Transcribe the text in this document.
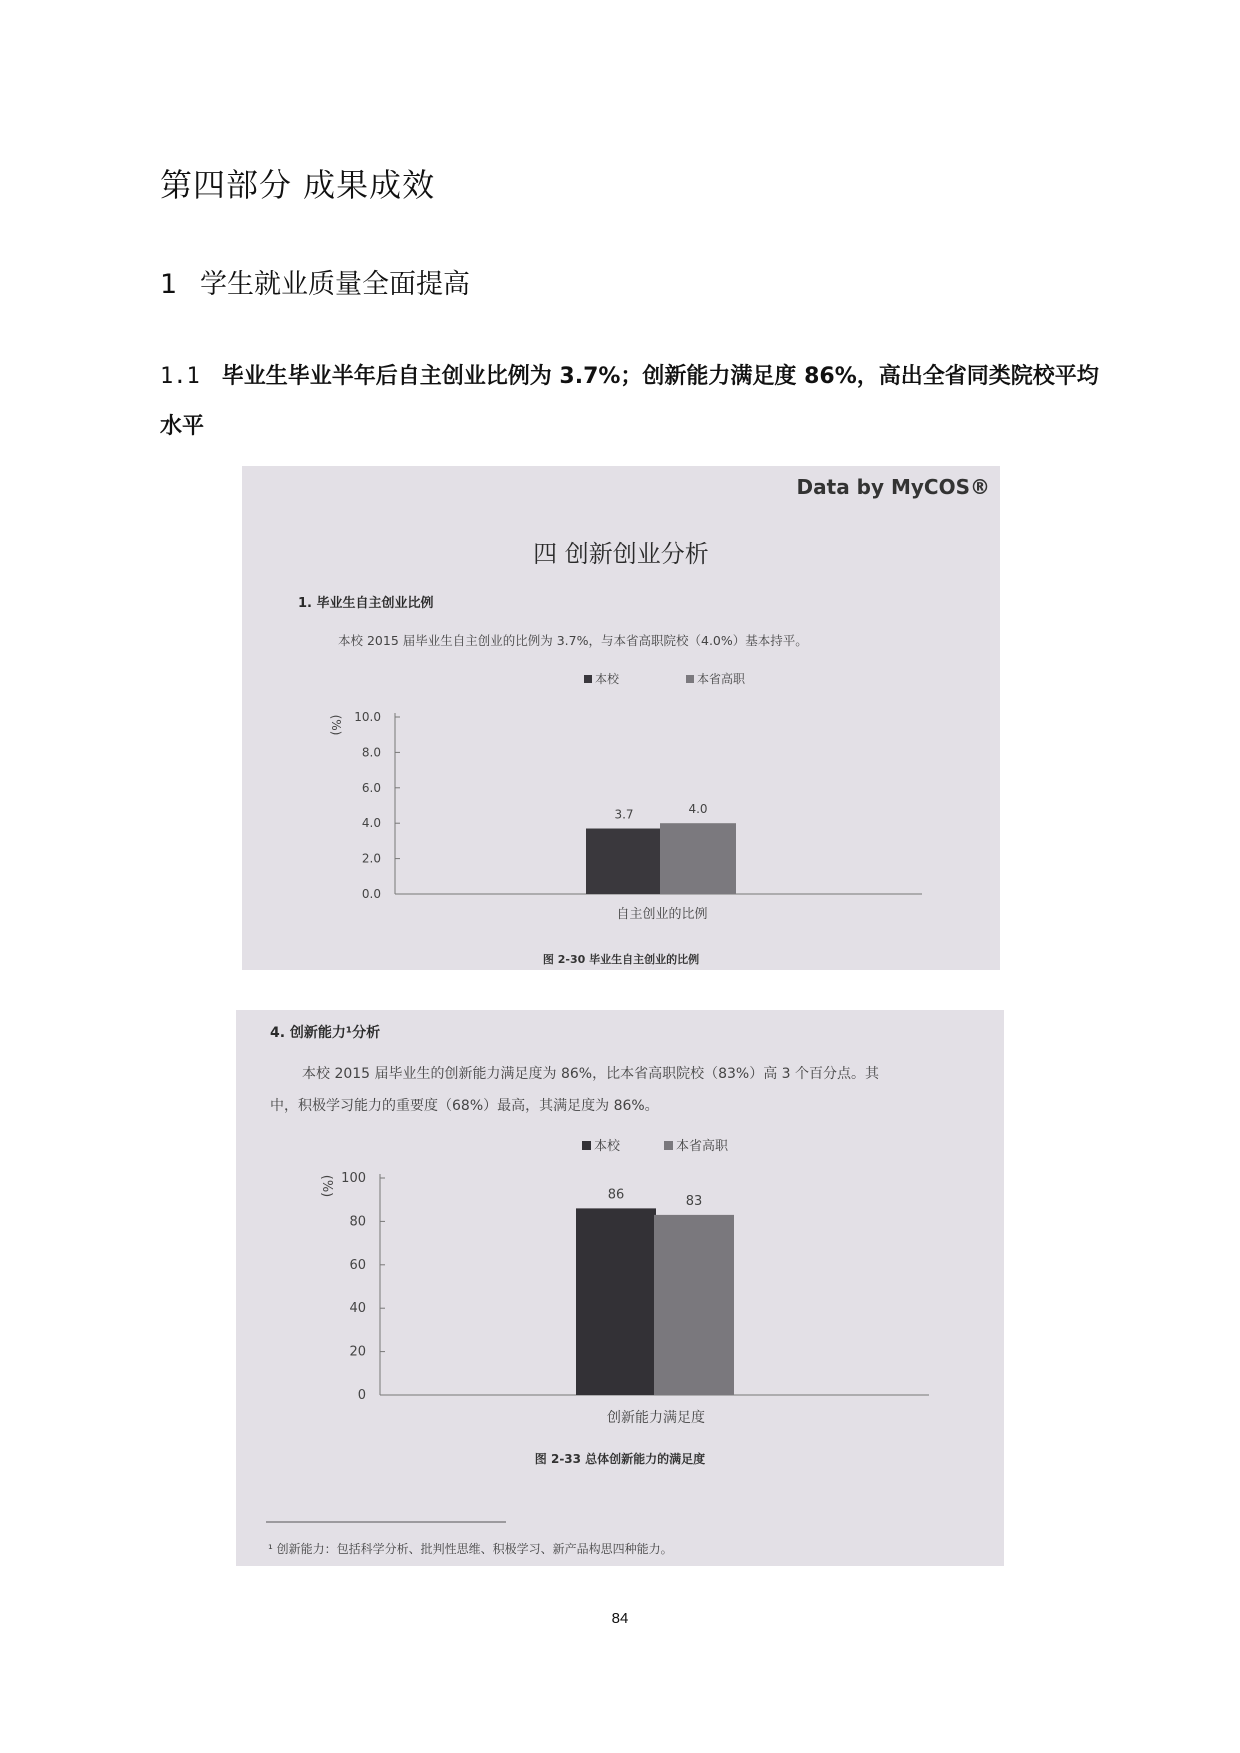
第四部分 成果成效
1 学生就业质量全面提高
1.1 毕业生毕业半年后自主创业比例为 3.7%；创新能力满足度 86%，高出全省同类院校平均水平
Data by MyCOS®
四 创新创业分析
1. 毕业生自主创业比例
本校 2015 届毕业生自主创业的比例为 3.7%，与本省高职院校（4.0%）基本持平。
本校	本省高职
(%)
0.0
2.0
4.0
6.0
8.0
10.0
3.7	4.0
自主创业的比例
图 2-30 毕业生自主创业的比例
4. 创新能力¹分析
本校 2015 届毕业生的创新能力满足度为 86%，比本省高职院校（83%）高 3 个百分点。其
中，积极学习能力的重要度（68%）最高，其满足度为 86%。
本校	本省高职
(%)
0
20
40
60
80
100
86	83
创新能力满足度
图 2-33 总体创新能力的满足度
¹ 创新能力：包括科学分析、批判性思维、积极学习、新产品构思四种能力。
84
